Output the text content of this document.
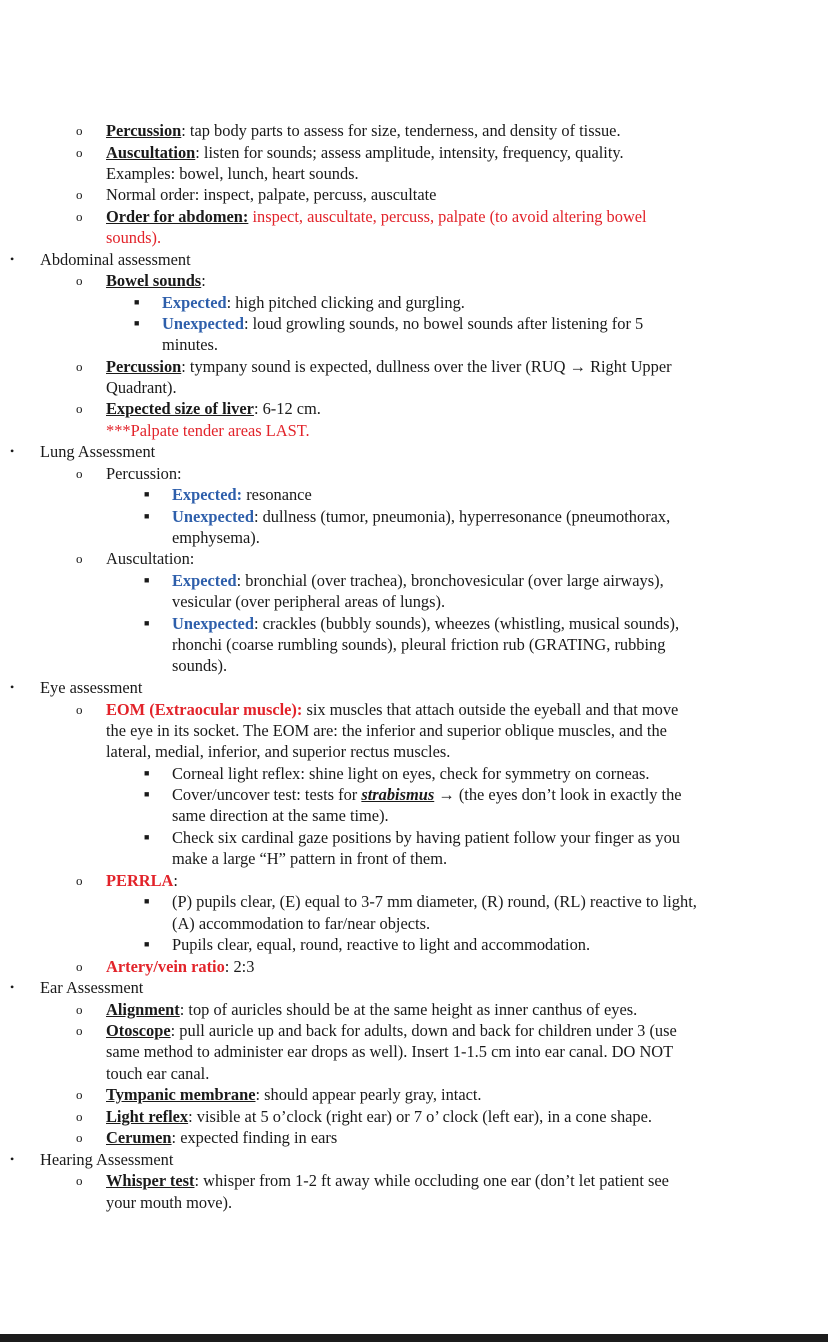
o Percussion: tap body parts to assess for size, tenderness, and density of tissue.
o Auscultation: listen for sounds; assess amplitude, intensity, frequency, quality.
Examples: bowel, lunch, heart sounds.
o Normal order: inspect, palpate, percuss, auscultate
o Order for abdomen: inspect, auscultate, percuss, palpate (to avoid altering bowel
sounds).
• Abdominal assessment
o Bowel sounds:
■ Expected: high pitched clicking and gurgling.
■ Unexpected: loud growling sounds, no bowel sounds after listening for 5
minutes.
o Percussion: tympany sound is expected, dullness over the liver (RUQ → Right Upper
Quadrant).
o Expected size of liver: 6-12 cm.
***Palpate tender areas LAST.
• Lung Assessment
o Percussion:
■ Expected: resonance
■ Unexpected: dullness (tumor, pneumonia), hyperresonance (pneumothorax,
emphysema).
o Auscultation:
■ Expected: bronchial (over trachea), bronchovesicular (over large airways),
vesicular (over peripheral areas of lungs).
■ Unexpected: crackles (bubbly sounds), wheezes (whistling, musical sounds),
rhonchi (coarse rumbling sounds), pleural friction rub (GRATING, rubbing
sounds).
• Eye assessment
o EOM (Extraocular muscle): six muscles that attach outside the eyeball and that move
the eye in its socket. The EOM are: the inferior and superior oblique muscles, and the
lateral, medial, inferior, and superior rectus muscles.
■ Corneal light reflex: shine light on eyes, check for symmetry on corneas.
■ Cover/uncover test: tests for strabismus → (the eyes don’t look in exactly the
same direction at the same time).
■ Check six cardinal gaze positions by having patient follow your finger as you
make a large “H” pattern in front of them.
o PERRLA:
■ (P) pupils clear, (E) equal to 3-7 mm diameter, (R) round, (RL) reactive to light,
(A) accommodation to far/near objects.
■ Pupils clear, equal, round, reactive to light and accommodation.
o Artery/vein ratio: 2:3
• Ear Assessment
o Alignment: top of auricles should be at the same height as inner canthus of eyes.
o Otoscope: pull auricle up and back for adults, down and back for children under 3 (use
same method to administer ear drops as well). Insert 1-1.5 cm into ear canal. DO NOT
touch ear canal.
o Tympanic membrane: should appear pearly gray, intact.
o Light reflex: visible at 5 o’clock (right ear) or 7 o’ clock (left ear), in a cone shape.
o Cerumen: expected finding in ears
• Hearing Assessment
o Whisper test: whisper from 1-2 ft away while occluding one ear (don’t let patient see
your mouth move).
